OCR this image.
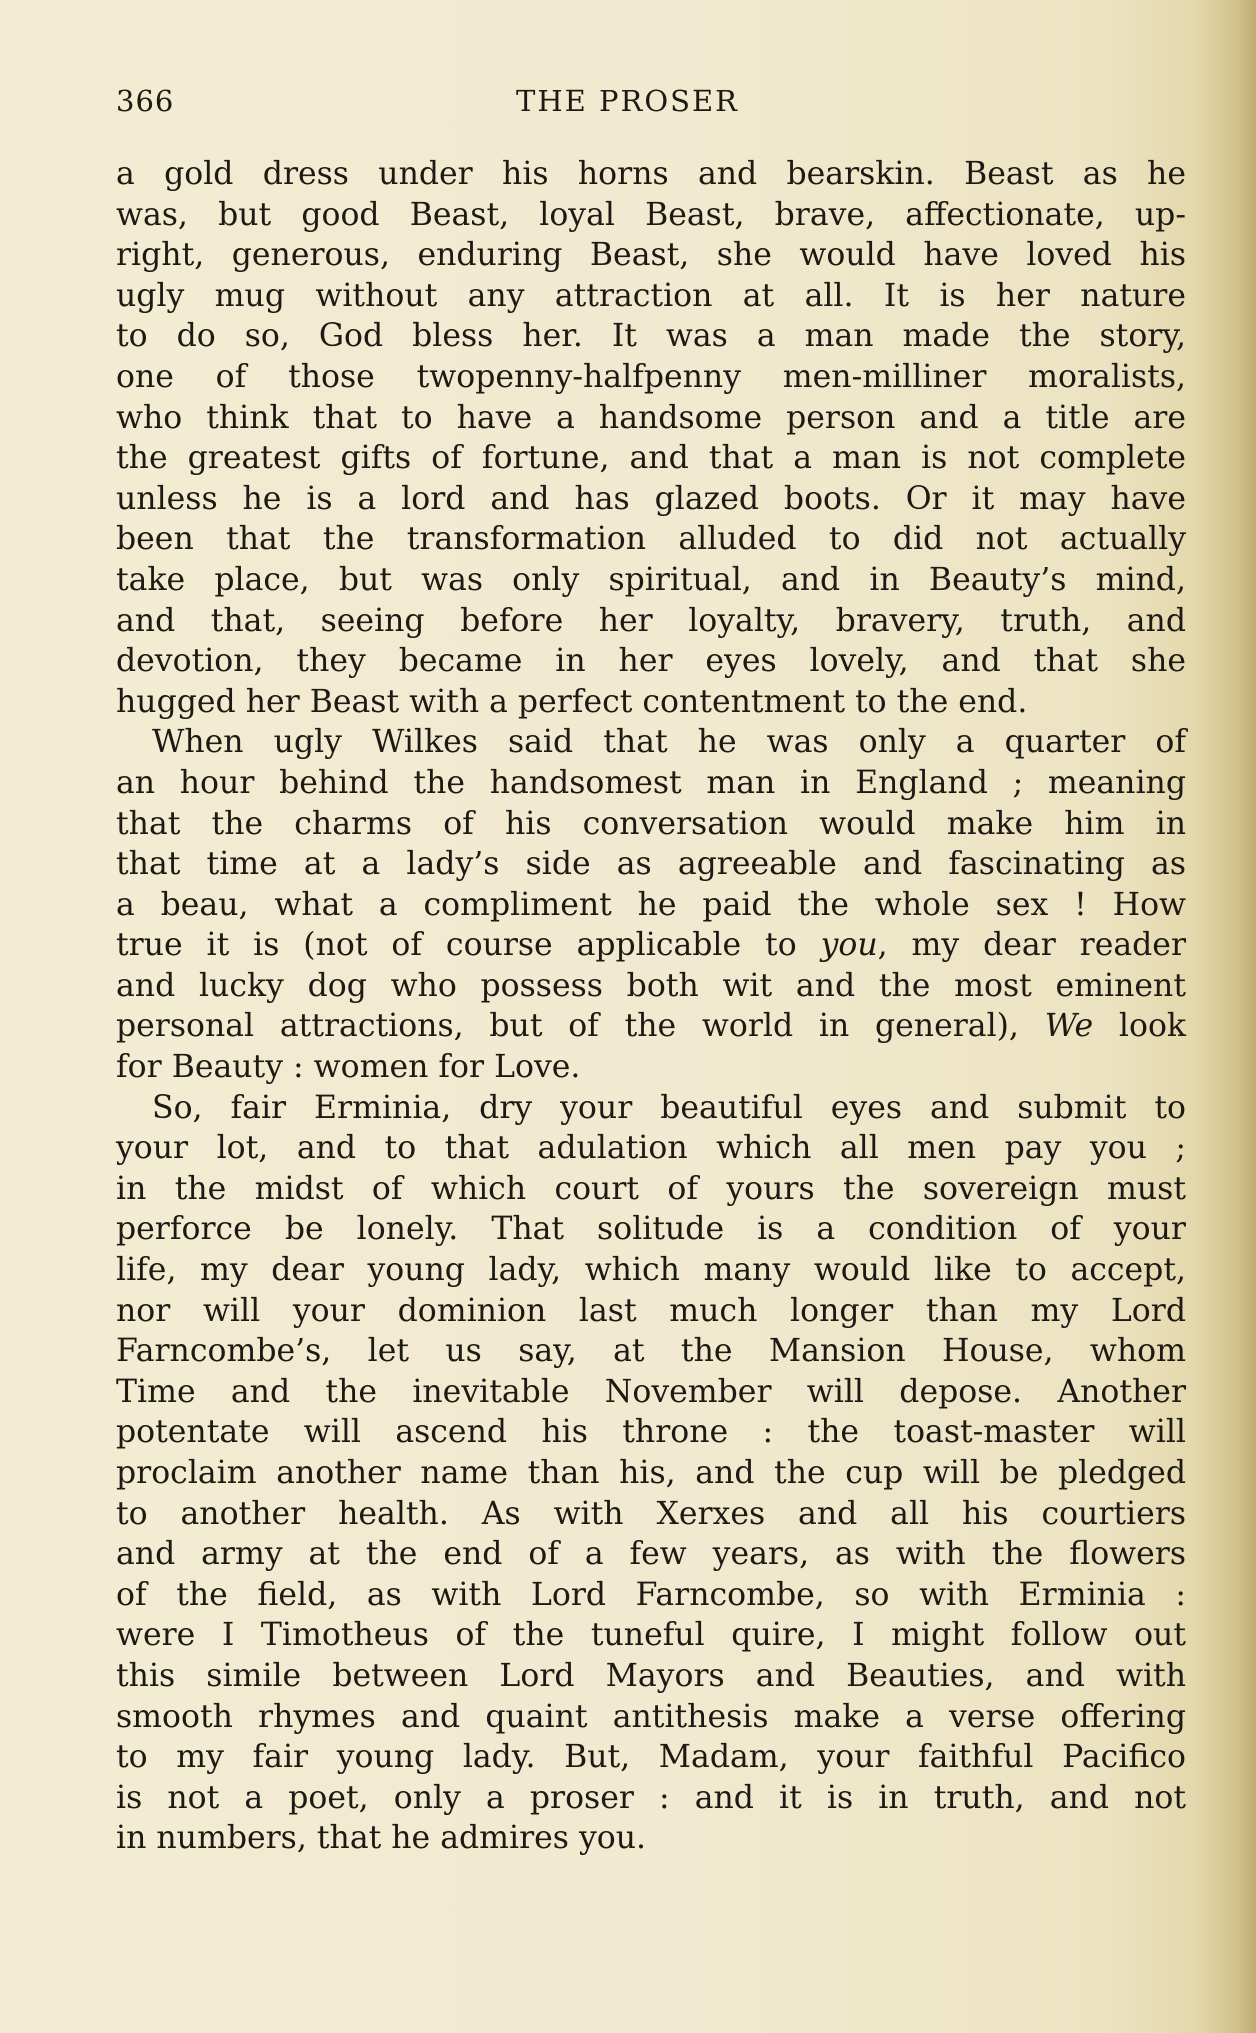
366	THE PROSER
a gold dress under his horns and bearskin. Beast as he
was, but good Beast, loyal Beast, brave, affectionate, up-
right, generous, enduring Beast, she would have loved his
ugly mug without any attraction at all. It is her nature
to do so, God bless her. It was a man made the story,
one of those twopenny-halfpenny men-milliner moralists,
who think that to have a handsome person and a title are
the greatest gifts of fortune, and that a man is not complete
unless he is a lord and has glazed boots. Or it may have
been that the transformation alluded to did not actually
take place, but was only spiritual, and in Beauty’s mind,
and that, seeing before her loyalty, bravery, truth, and
devotion, they became in her eyes lovely, and that she
hugged her Beast with a perfect contentment to the end.
When ugly Wilkes said that he was only a quarter of
an hour behind the handsomest man in England ; meaning
that the charms of his conversation would make him in
that time at a lady’s side as agreeable and fascinating as
a beau, what a compliment he paid the whole sex ! How
true it is (not of course applicable to you, my dear reader
and lucky dog who possess both wit and the most eminent
personal attractions, but of the world in general), We look
for Beauty : women for Love.
So, fair Erminia, dry your beautiful eyes and submit to
your lot, and to that adulation which all men pay you ;
in the midst of which court of yours the sovereign must
perforce be lonely. That solitude is a condition of your
life, my dear young lady, which many would like to accept,
nor will your dominion last much longer than my Lord
Farncombe’s, let us say, at the Mansion House, whom
Time and the inevitable November will depose. Another
potentate will ascend his throne : the toast-master will
proclaim another name than his, and the cup will be pledged
to another health. As with Xerxes and all his courtiers
and army at the end of a few years, as with the flowers
of the field, as with Lord Farncombe, so with Erminia :
were I Timotheus of the tuneful quire, I might follow out
this simile between Lord Mayors and Beauties, and with
smooth rhymes and quaint antithesis make a verse offering
to my fair young lady. But, Madam, your faithful Pacifico
is not a poet, only a proser : and it is in truth, and not
in numbers, that he admires you.
